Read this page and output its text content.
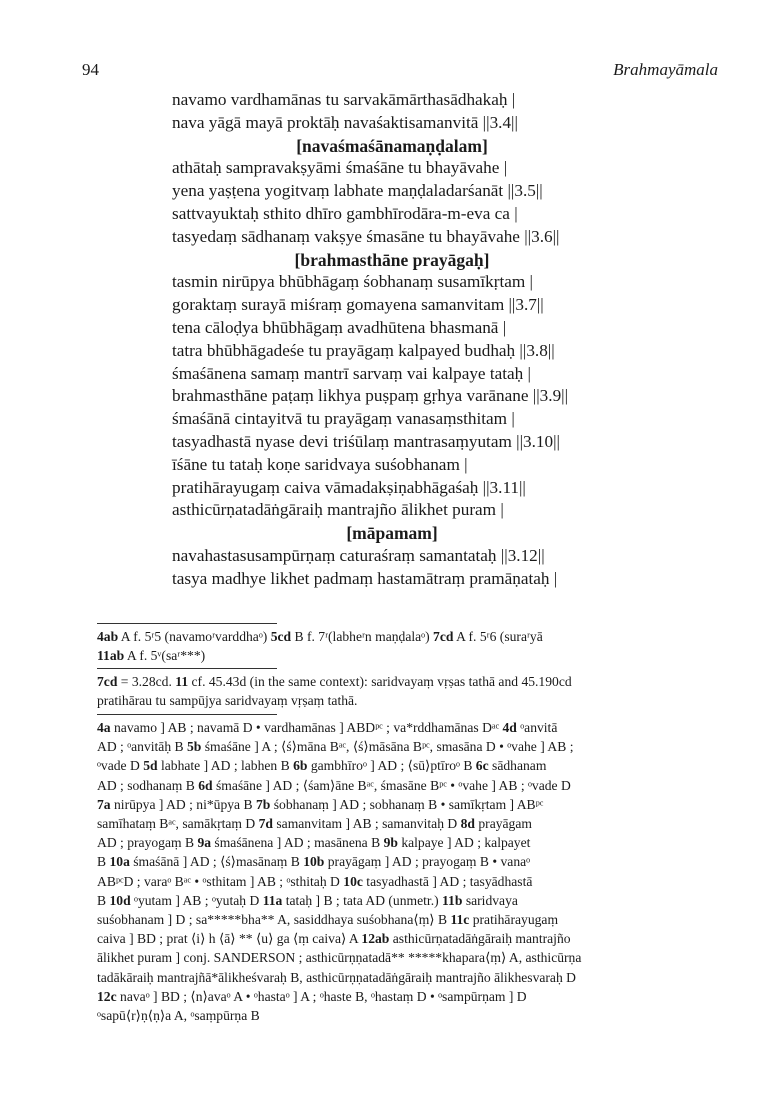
94	Brahmayāmala
navamo vardhamānas tu sarvakāmārthasādhakaḥ |
nava yāgā mayā proktāḥ navaśaktisamanvitā ||3.4||
[navaśmaśānamaṇḍalam]
athātaḥ sampravakṣyāmi śmaśāne tu bhayāvahe |
yena yaṣṭena yogitvaṃ labhate maṇḍaladarśanāt ||3.5||
sattvayuktaḥ sthito dhīro gambhīrodāra-m-eva ca |
tasyedaṃ sādhanaṃ vakṣye śmasāne tu bhayāvahe ||3.6||
[brahmasthāne prayāgaḥ]
tasmin nirūpya bhūbhāgaṃ śobhanaṃ susamīkṛtam |
goraktaṃ surayā miśraṃ gomayena samanvitam ||3.7||
tena cāloḍya bhūbhāgaṃ avadhūtena bhasmanā |
tatra bhūbhāgadeśe tu prayāgaṃ kalpayed budhaḥ ||3.8||
śmaśānena samaṃ mantrī sarvaṃ vai kalpaye tataḥ |
brahmasthāne paṭaṃ likhya puṣpaṃ gṛhya varānane ||3.9||
śmaśānā cintayitvā tu prayāgaṃ vanasaṃsthitam |
tasyadhastā nyase devi triśūlaṃ mantrasaṃyutam ||3.10||
īśāne tu tataḥ koṇe saridvaya suśobhanam |
pratihārayugaṃ caiva vāmadakṣiṇabhāgaśaḥ ||3.11||
asthicūrṇatadāṅgāraiḥ mantrajño ālikhet puram |
[māpamam]
navahastasusampūrṇaṃ caturaśraṃ samantataḥ ||3.12||
tasya madhye likhet padmaṃ hastamātraṃ pramāṇataḥ |
4ab A f. 5ʳ5 (navamoʳvarddhaᵒ) 5cd B f. 7ʳ(labheʳn maṇḍalaᵒ) 7cd A f. 5ʳ6 (suraʳyā
11ab A f. 5ᵛ(saʳ***)
7cd = 3.28cd. 11 cf. 45.43d (in the same context): saridvayaṃ vṛṣas tathā and 45.190cd
pratihārau tu sampūjya saridvayaṃ vṛṣaṃ tathā.
4a navamo ] AB ; navamā D • vardhamānas ] ABDᵖᶜ ; va*rddhamānas Dᵃᶜ 4d ᵒanvitā
AD ; ᵒanvitāḥ B 5b śmaśāne ] A ; ⟨ś⟩māna Bᵃᶜ, ⟨ś⟩māsāna Bᵖᶜ, smasāna D • ᵒvahe ] AB ;
ᵒvade D 5d labhate ] AD ; labhen B 6b gambhīroᵒ ] AD ; ⟨sū⟩ptīroᵒ B 6c sādhanam
AD ; sodhanaṃ B 6d śmaśāne ] AD ; ⟨śam⟩āne Bᵃᶜ, śmasāne Bᵖᶜ • ᵒvahe ] AB ; ᵒvade D
7a nirūpya ] AD ; ni*ūpya B 7b śobhanaṃ ] AD ; sobhanaṃ B • samīkṛtam ] ABᵖᶜ
samīhataṃ Bᵃᶜ, samākṛtaṃ D 7d samanvitam ] AB ; samanvitaḥ D 8d prayāgam
AD ; prayogaṃ B 9a śmaśānena ] AD ; masānena B 9b kalpaye ] AD ; kalpayet
B 10a śmaśānā ] AD ; ⟨ś⟩masānaṃ B 10b prayāgaṃ ] AD ; prayogaṃ B • vanaᵒ
ABᵖᶜD ; varaᵒ Bᵃᶜ • ᵒsthitam ] AB ; ᵒsthitaḥ D 10c tasyadhastā ] AD ; tasyādhastā
B 10d ᵒyutam ] AB ; ᵒyutaḥ D 11a tataḥ ] B ; tata AD (unmetr.) 11b saridvaya
suśobhanam ] D ; sa*****bha** A, sasiddhaya suśobhana⟨ṃ⟩ B 11c pratihārayugaṃ
caiva ] BD ; prat ⟨i⟩ h ⟨ā⟩ ** ⟨u⟩ ga ⟨ṃ caiva⟩ A 12ab asthicūrṇatadāṅgāraiḥ mantrajño
ālikhet puram ] conj. SANDERSON ; asthicūrṇṇatadā** *****khapara⟨ṃ⟩ A, asthicūrṇa
tadākāraiḥ mantrajñā*ālikheśvaraḥ B, asthicūrṇṇatadāṅgāraiḥ mantrajño ālikhesvaraḥ D
12c navaᵒ ] BD ; ⟨n⟩avaᵒ A • ᵒhastaᵒ ] A ; ᵒhaste B, ᵒhastaṃ D • ᵒsampūrṇam ] D
ᵒsapū⟨r⟩ṇ⟨ṇ⟩a A, ᵒsaṃpūrṇa B
